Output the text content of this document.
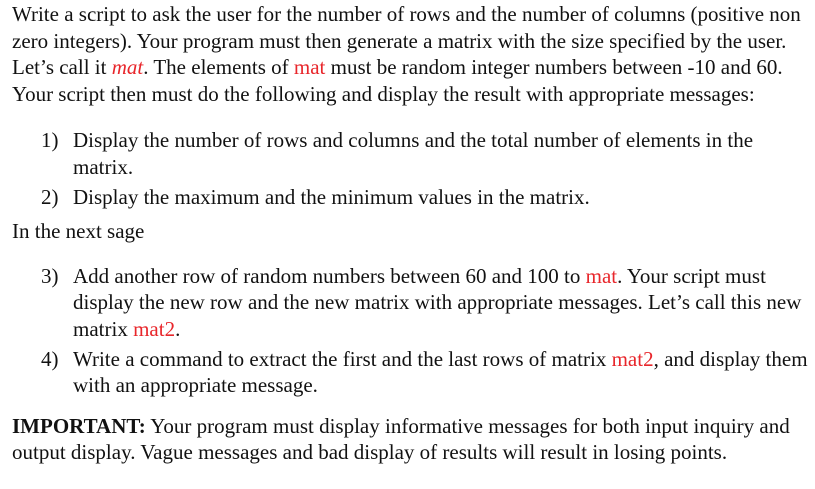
Write a script to ask the user for the number of rows and the number of columns (positive non zero integers). Your program must then generate a matrix with the size specified by the user. Let’s call it mat. The elements of mat must be random integer numbers between -10 and 60. Your script then must do the following and display the result with appropriate messages:

1) Display the number of rows and columns and the total number of elements in the matrix.
2) Display the maximum and the minimum values in the matrix.

In the next sage

3) Add another row of random numbers between 60 and 100 to mat. Your script must display the new row and the new matrix with appropriate messages. Let’s call this new matrix mat2.
4) Write a command to extract the first and the last rows of matrix mat2, and display them with an appropriate message.

IMPORTANT: Your program must display informative messages for both input inquiry and output display. Vague messages and bad display of results will result in losing points.
